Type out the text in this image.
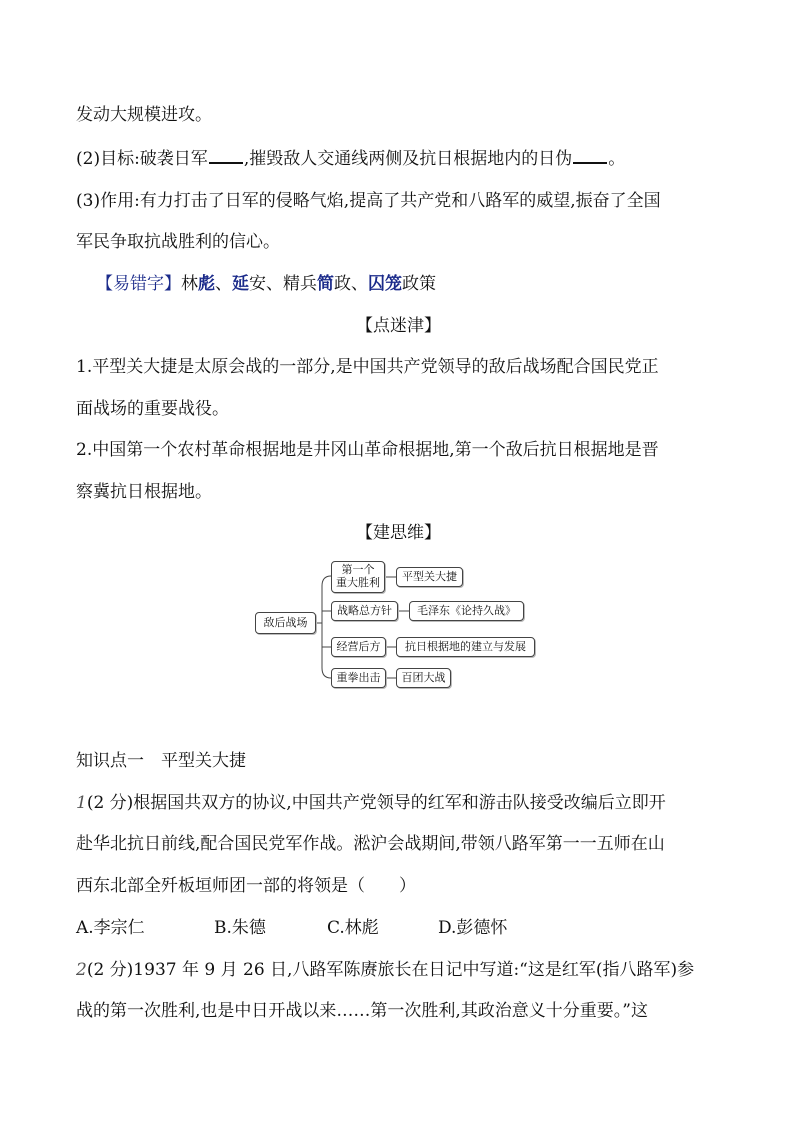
发动大规模进攻。
(2)目标:破袭日军 ,摧毁敌人交通线两侧及抗日根据地内的日伪 。
(3)作用:有力打击了日军的侵略气焰,提高了共产党和八路军的威望,振奋了全国
军民争取抗战胜利的信心。
【易错字】林彪、延安、精兵简政、囚笼政策
【点迷津】
1.平型关大捷是太原会战的一部分,是中国共产党领导的敌后战场配合国民党正
面战场的重要战役。
2.中国第一个农村革命根据地是井冈山革命根据地,第一个敌后抗日根据地是晋
察冀抗日根据地。
【建思维】
敌后战场
第一个
重大胜利	平型关大捷
战略总方针	毛泽东《论持久战》
经营后方	抗日根据地的建立与发展
重拳出击	百团大战
知识点一　平型关大捷
1(2 分)根据国共双方的协议,中国共产党领导的红军和游击队接受改编后立即开
赴华北抗日前线,配合国民党军作战。淞沪会战期间,带领八路军第一一五师在山
西东北部全歼板垣师团一部的将领是（　　）
A.李宗仁	B.朱德	C.林彪	D.彭德怀
2(2 分)1937 年 9 月 26 日,八路军陈赓旅长在日记中写道:“这是红军(指八路军)参
战的第一次胜利,也是中日开战以来……第一次胜利,其政治意义十分重要。”这
